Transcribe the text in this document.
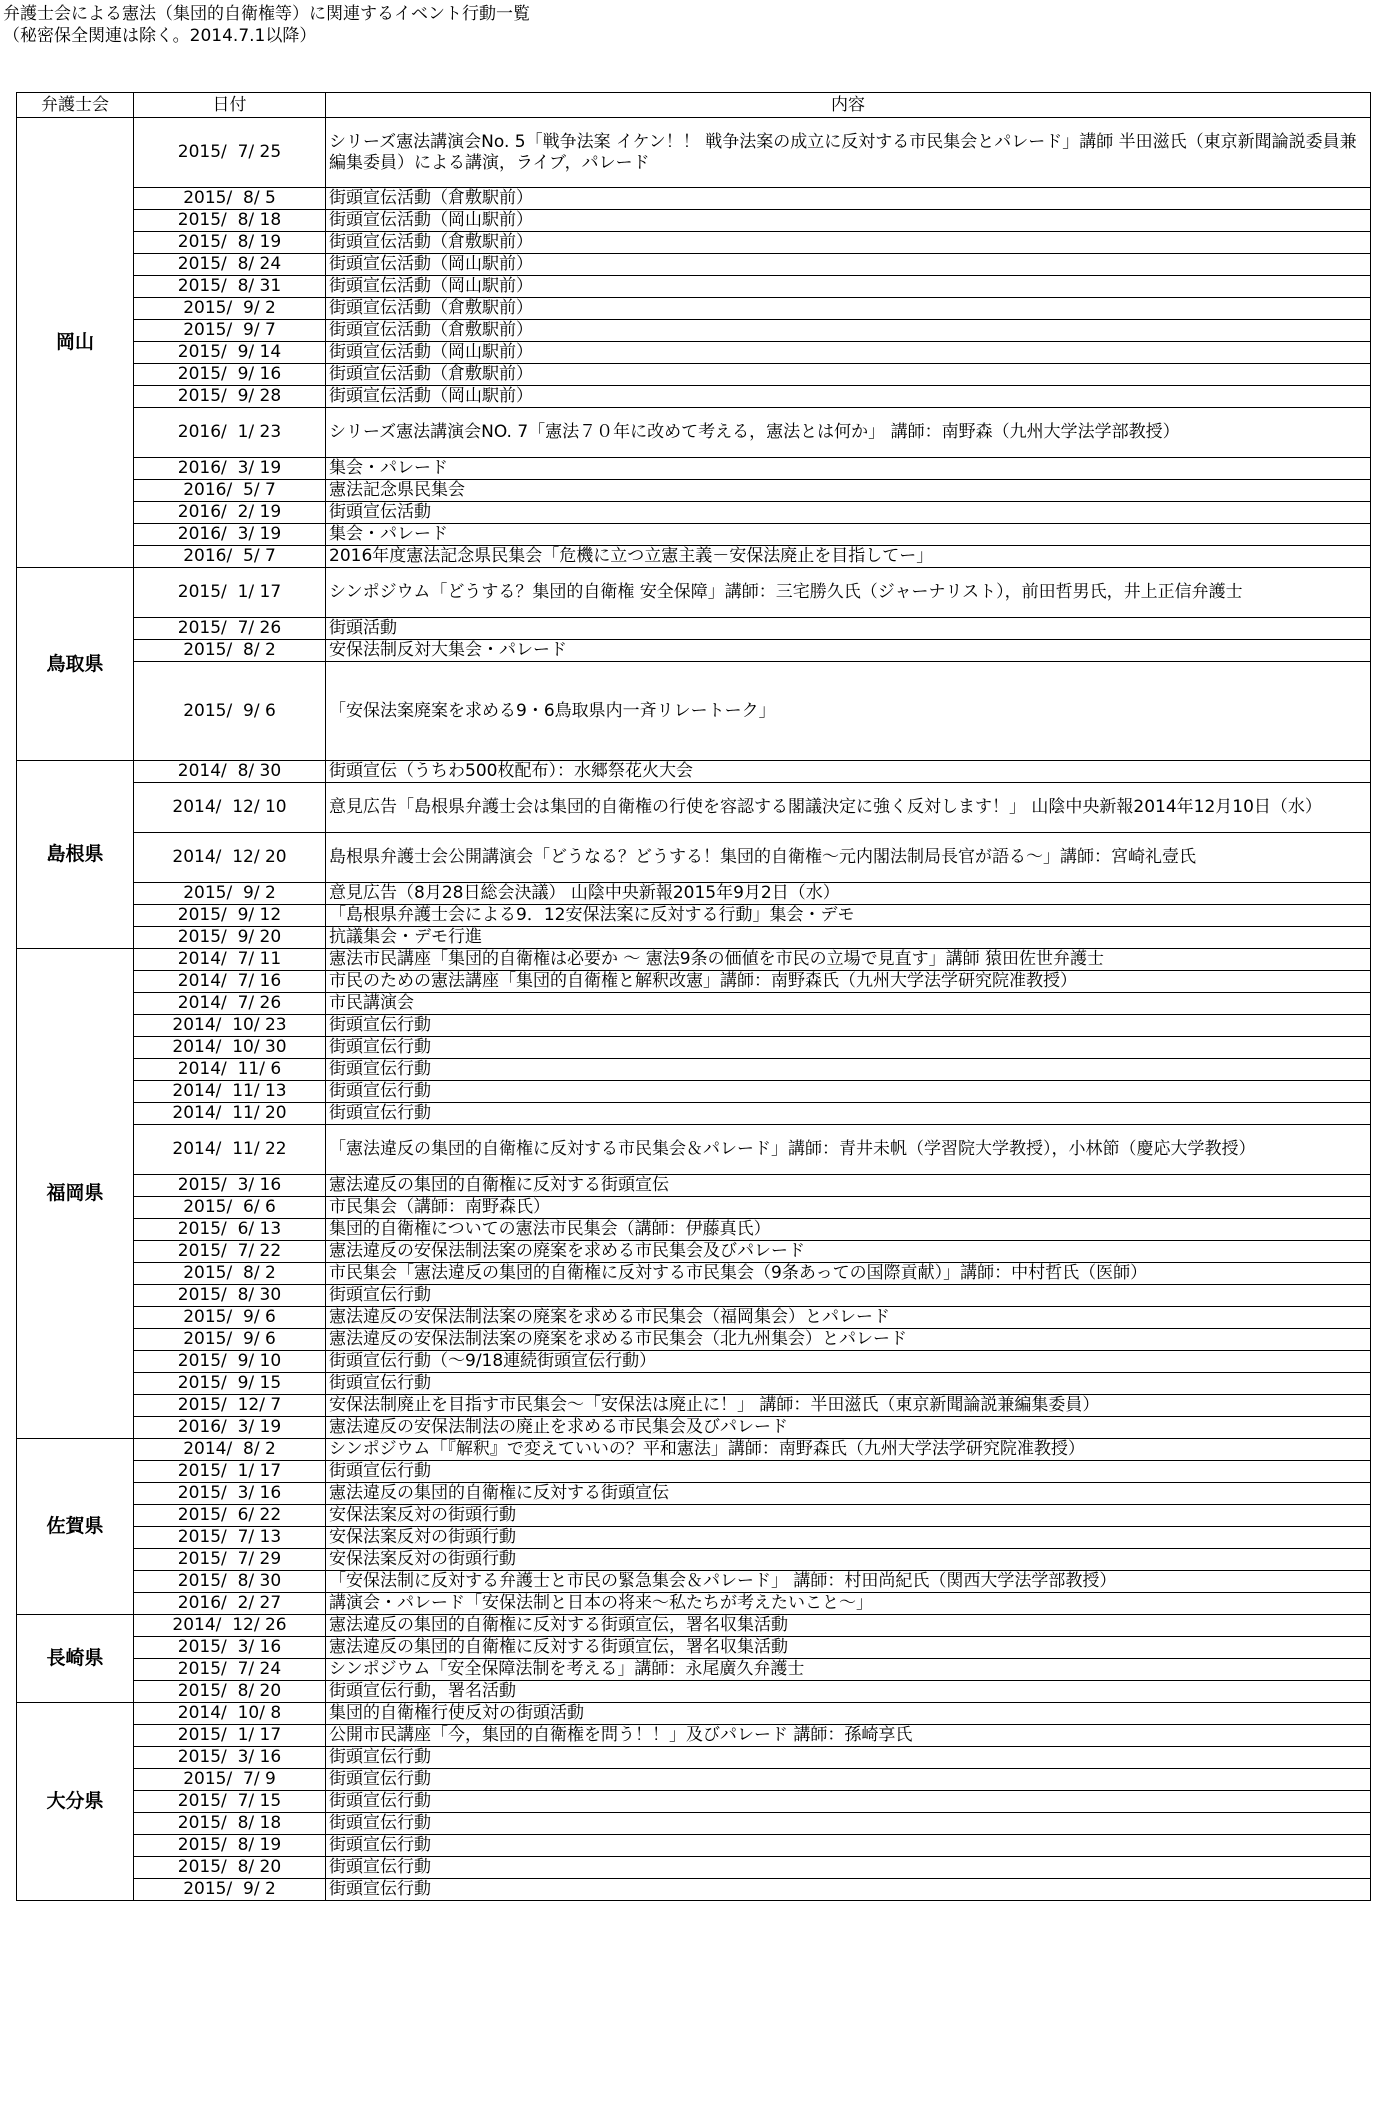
弁護士会による憲法（集団的自衛権等）に関連するイベント行動一覧
（秘密保全関連は除く。2014.7.1以降）
弁護士会	日付	内容
岡山	2015/  7/ 25	シリーズ憲法講演会No. 5「戦争法案 イケン！！ 戦争法案の成立に反対する市民集会とパレード」講師 半田滋氏（東京新聞論説委員兼編集委員）による講演，ライブ，パレード
	2015/  8/ 5	街頭宣伝活動（倉敷駅前）
	2015/  8/ 18	街頭宣伝活動（岡山駅前）
	2015/  8/ 19	街頭宣伝活動（倉敷駅前）
	2015/  8/ 24	街頭宣伝活動（岡山駅前）
	2015/  8/ 31	街頭宣伝活動（岡山駅前）
	2015/  9/ 2	街頭宣伝活動（倉敷駅前）
	2015/  9/ 7	街頭宣伝活動（倉敷駅前）
	2015/  9/ 14	街頭宣伝活動（岡山駅前）
	2015/  9/ 16	街頭宣伝活動（倉敷駅前）
	2015/  9/ 28	街頭宣伝活動（岡山駅前）
	2016/  1/ 23	シリーズ憲法講演会NO. 7「憲法７０年に改めて考える，憲法とは何か」 講師：南野森（九州大学法学部教授）
	2016/  3/ 19	集会・パレード
	2016/  5/ 7	憲法記念県民集会
	2016/  2/ 19	街頭宣伝活動
	2016/  3/ 19	集会・パレード
	2016/  5/ 7	2016年度憲法記念県民集会「危機に立つ立憲主義－安保法廃止を目指してー」
鳥取県	2015/  1/ 17	シンポジウム「どうする？集団的自衛権 安全保障」講師：三宅勝久氏（ジャーナリスト），前田哲男氏，井上正信弁護士
	2015/  7/ 26	街頭活動
	2015/  8/ 2	安保法制反対大集会・パレード
	2015/  9/ 6	「安保法案廃案を求める9・6鳥取県内一斉リレートーク」
島根県	2014/  8/ 30	街頭宣伝（うちわ500枚配布）：水郷祭花火大会
	2014/  12/ 10	意見広告「島根県弁護士会は集団的自衛権の行使を容認する閣議決定に強く反対します！」 山陰中央新報2014年12月10日（水）
	2014/  12/ 20	島根県弁護士会公開講演会「どうなる？どうする！集団的自衛権～元内閣法制局長官が語る～」講師：宮崎礼壹氏
	2015/  9/ 2	意見広告（8月28日総会決議） 山陰中央新報2015年9月2日（水）
	2015/  9/ 12	「島根県弁護士会による9．12安保法案に反対する行動」集会・デモ
	2015/  9/ 20	抗議集会・デモ行進
福岡県	2014/  7/ 11	憲法市民講座「集団的自衛権は必要か ～ 憲法9条の価値を市民の立場で見直す」講師 猿田佐世弁護士
	2014/  7/ 16	市民のための憲法講座「集団的自衛権と解釈改憲」講師：南野森氏（九州大学法学研究院准教授）
	2014/  7/ 26	市民講演会
	2014/  10/ 23	街頭宣伝行動
	2014/  10/ 30	街頭宣伝行動
	2014/  11/ 6	街頭宣伝行動
	2014/  11/ 13	街頭宣伝行動
	2014/  11/ 20	街頭宣伝行動
	2014/  11/ 22	「憲法違反の集団的自衛権に反対する市民集会＆パレード」講師：青井未帆（学習院大学教授），小林節（慶応大学教授）
	2015/  3/ 16	憲法違反の集団的自衛権に反対する街頭宣伝
	2015/  6/ 6	市民集会（講師：南野森氏）
	2015/  6/ 13	集団的自衛権についての憲法市民集会（講師：伊藤真氏）
	2015/  7/ 22	憲法違反の安保法制法案の廃案を求める市民集会及びパレード
	2015/  8/ 2	市民集会「憲法違反の集団的自衛権に反対する市民集会（9条あっての国際貢献）」講師：中村哲氏（医師）
	2015/  8/ 30	街頭宣伝行動
	2015/  9/ 6	憲法違反の安保法制法案の廃案を求める市民集会（福岡集会）とパレード
	2015/  9/ 6	憲法違反の安保法制法案の廃案を求める市民集会（北九州集会）とパレード
	2015/  9/ 10	街頭宣伝行動（～9/18連続街頭宣伝行動）
	2015/  9/ 15	街頭宣伝行動
	2015/  12/ 7	安保法制廃止を目指す市民集会～「安保法は廃止に！」 講師：半田滋氏（東京新聞論説兼編集委員）
	2016/  3/ 19	憲法違反の安保法制法の廃止を求める市民集会及びパレード
佐賀県	2014/  8/ 2	シンポジウム「『解釈』で変えていいの？平和憲法」講師：南野森氏（九州大学法学研究院准教授）
	2015/  1/ 17	街頭宣伝行動
	2015/  3/ 16	憲法違反の集団的自衛権に反対する街頭宣伝
	2015/  6/ 22	安保法案反対の街頭行動
	2015/  7/ 13	安保法案反対の街頭行動
	2015/  7/ 29	安保法案反対の街頭行動
	2015/  8/ 30	「安保法制に反対する弁護士と市民の緊急集会＆パレード」 講師：村田尚紀氏（関西大学法学部教授）
	2016/  2/ 27	講演会・パレード「安保法制と日本の将来～私たちが考えたいこと～」
長崎県	2014/  12/ 26	憲法違反の集団的自衛権に反対する街頭宣伝，署名収集活動
	2015/  3/ 16	憲法違反の集団的自衛権に反対する街頭宣伝，署名収集活動
	2015/  7/ 24	シンポジウム「安全保障法制を考える」講師：永尾廣久弁護士
	2015/  8/ 20	街頭宣伝行動，署名活動
大分県	2014/  10/ 8	集団的自衛権行使反対の街頭活動
	2015/  1/ 17	公開市民講座「今，集団的自衛権を問う！！」及びパレード 講師：孫崎享氏
	2015/  3/ 16	街頭宣伝行動
	2015/  7/ 9	街頭宣伝行動
	2015/  7/ 15	街頭宣伝行動
	2015/  8/ 18	街頭宣伝行動
	2015/  8/ 19	街頭宣伝行動
	2015/  8/ 20	街頭宣伝行動
	2015/  9/ 2	街頭宣伝行動
